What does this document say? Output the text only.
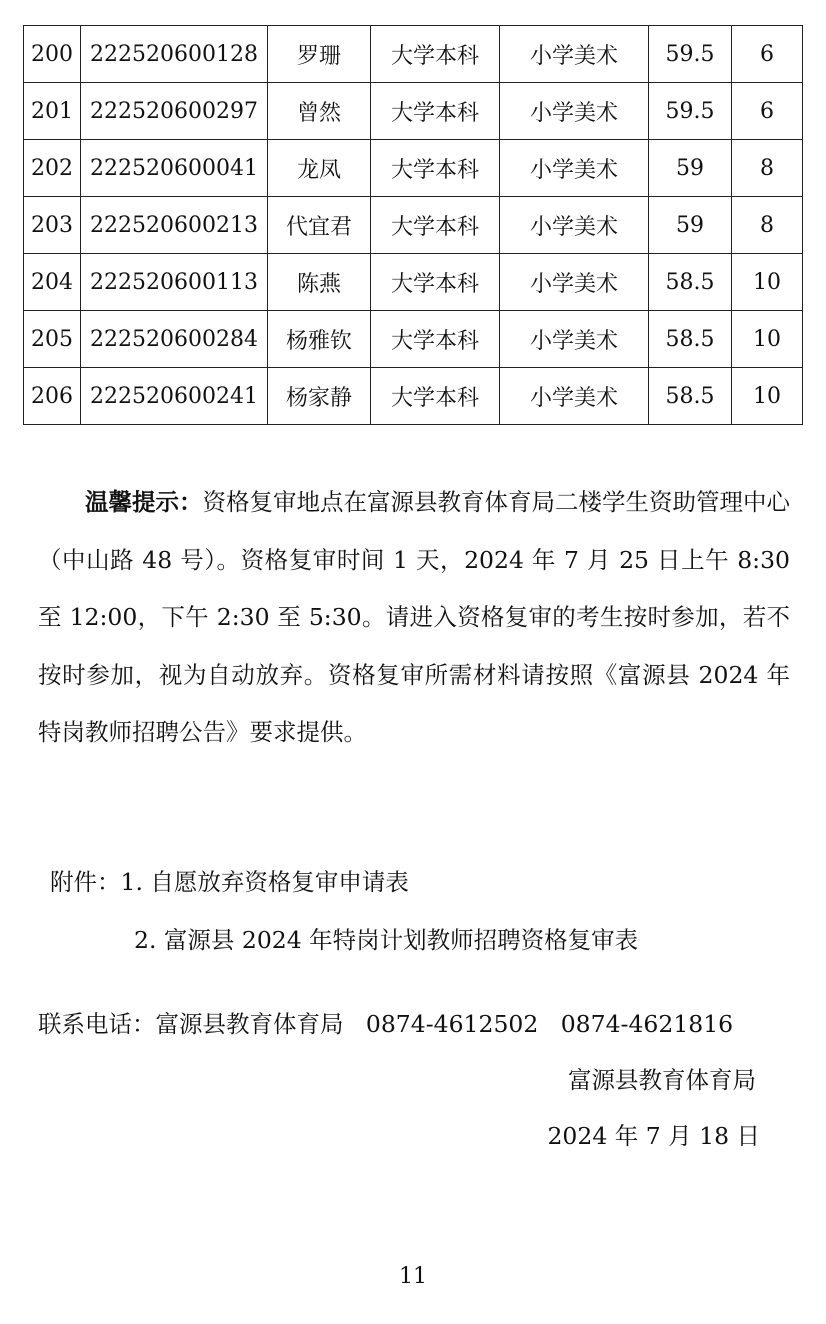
200	222520600128	罗珊	大学本科	小学美术	59.5	6
201	222520600297	曾然	大学本科	小学美术	59.5	6
202	222520600041	龙凤	大学本科	小学美术	59	8
203	222520600213	代宜君	大学本科	小学美术	59	8
204	222520600113	陈燕	大学本科	小学美术	58.5	10
205	222520600284	杨雅钦	大学本科	小学美术	58.5	10
206	222520600241	杨家静	大学本科	小学美术	58.5	10

温馨提示：资格复审地点在富源县教育体育局二楼学生资助管理中心（中山路 48 号）。资格复审时间 1 天，2024 年 7 月 25 日上午 8:30 至 12:00，下午 2:30 至 5:30。请进入资格复审的考生按时参加，若不按时参加，视为自动放弃。资格复审所需材料请按照《富源县 2024 年特岗教师招聘公告》要求提供。

附件：1. 自愿放弃资格复审申请表
2. 富源县 2024 年特岗计划教师招聘资格复审表
联系电话：富源县教育体育局   0874-4612502   0874-4621816
富源县教育体育局
2024 年 7 月 18 日
11
